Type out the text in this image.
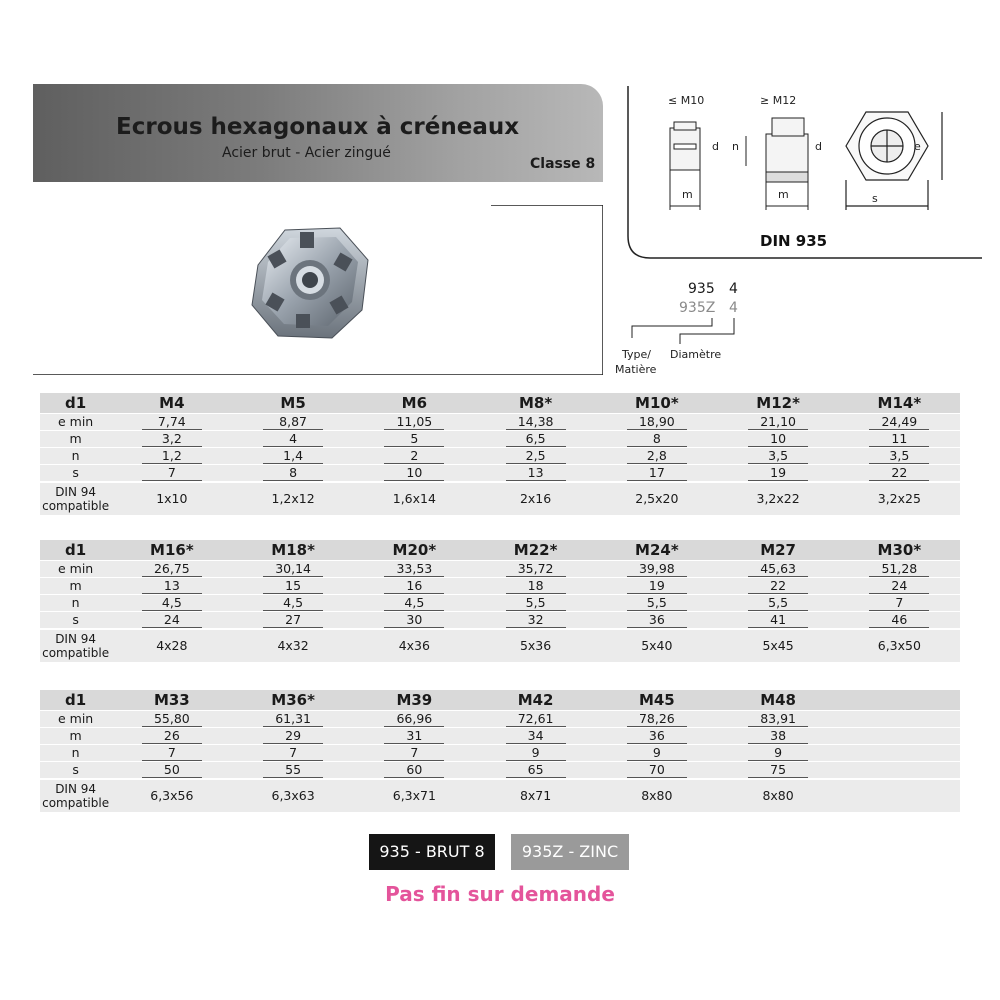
Ecrous hexagonaux à créneaux
Acier brut - Acier zingué
Classe 8
≤ M10	≥ M12
d n	d
m	m	s
e
DIN 935
935 4
935Z 4
Type/
Matière
Diamètre
d1	M4	M5	M6	M8*	M10*	M12*	M14*
e min	7,74	8,87	11,05	14,38	18,90	21,10	24,49
m	3,2	4	5	6,5	8	10	11
n	1,2	1,4	2	2,5	2,8	3,5	3,5
s	7	8	10	13	17	19	22
DIN 94
compatible	1x10	1,2x12	1,6x14	2x16	2,5x20	3,2x22	3,2x25
d1	M16*	M18*	M20*	M22*	M24*	M27	M30*
e min	26,75	30,14	33,53	35,72	39,98	45,63	51,28
m	13	15	16	18	19	22	24
n	4,5	4,5	4,5	5,5	5,5	5,5	7
s	24	27	30	32	36	41	46
DIN 94
compatible	4x28	4x32	4x36	5x36	5x40	5x45	6,3x50
d1	M33	M36*	M39	M42	M45	M48
e min	55,80	61,31	66,96	72,61	78,26	83,91
m	26	29	31	34	36	38
n	7	7	7	9	9	9
s	50	55	60	65	70	75
DIN 94
compatible	6,3x56	6,3x63	6,3x71	8x71	8x80	8x80
935 - BRUT 8	935Z - ZINC
Pas fin sur demande
